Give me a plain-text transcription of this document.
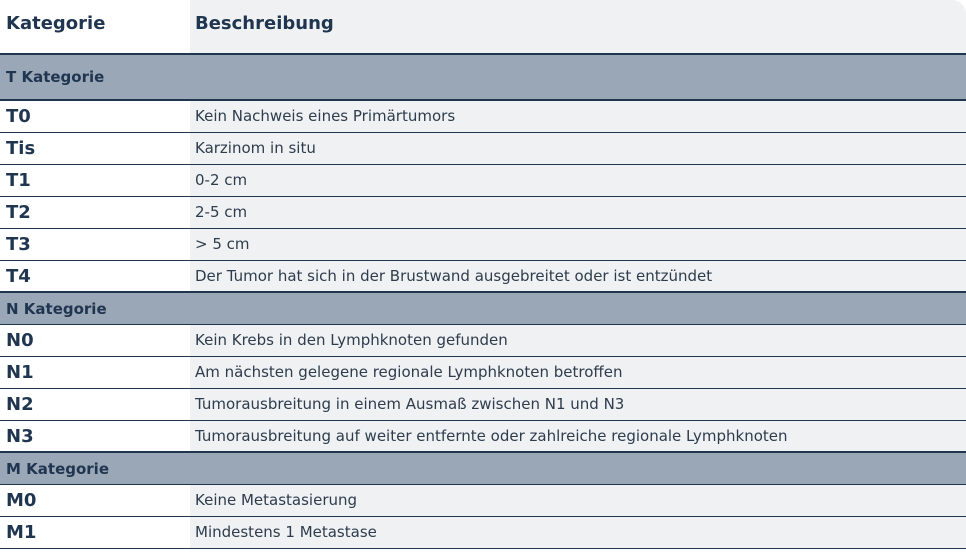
Kategorie	Beschreibung
T Kategorie
T0	Kein Nachweis eines Primärtumors
Tis	Karzinom in situ
T1	0-2 cm
T2	2-5 cm
T3	> 5 cm
T4	Der Tumor hat sich in der Brustwand ausgebreitet oder ist entzündet
N Kategorie
N0	Kein Krebs in den Lymphknoten gefunden
N1	Am nächsten gelegene regionale Lymphknoten betroffen
N2	Tumorausbreitung in einem Ausmaß zwischen N1 und N3
N3	Tumorausbreitung auf weiter entfernte oder zahlreiche regionale Lymphknoten
M Kategorie
M0	Keine Metastasierung
M1	Mindestens 1 Metastase
